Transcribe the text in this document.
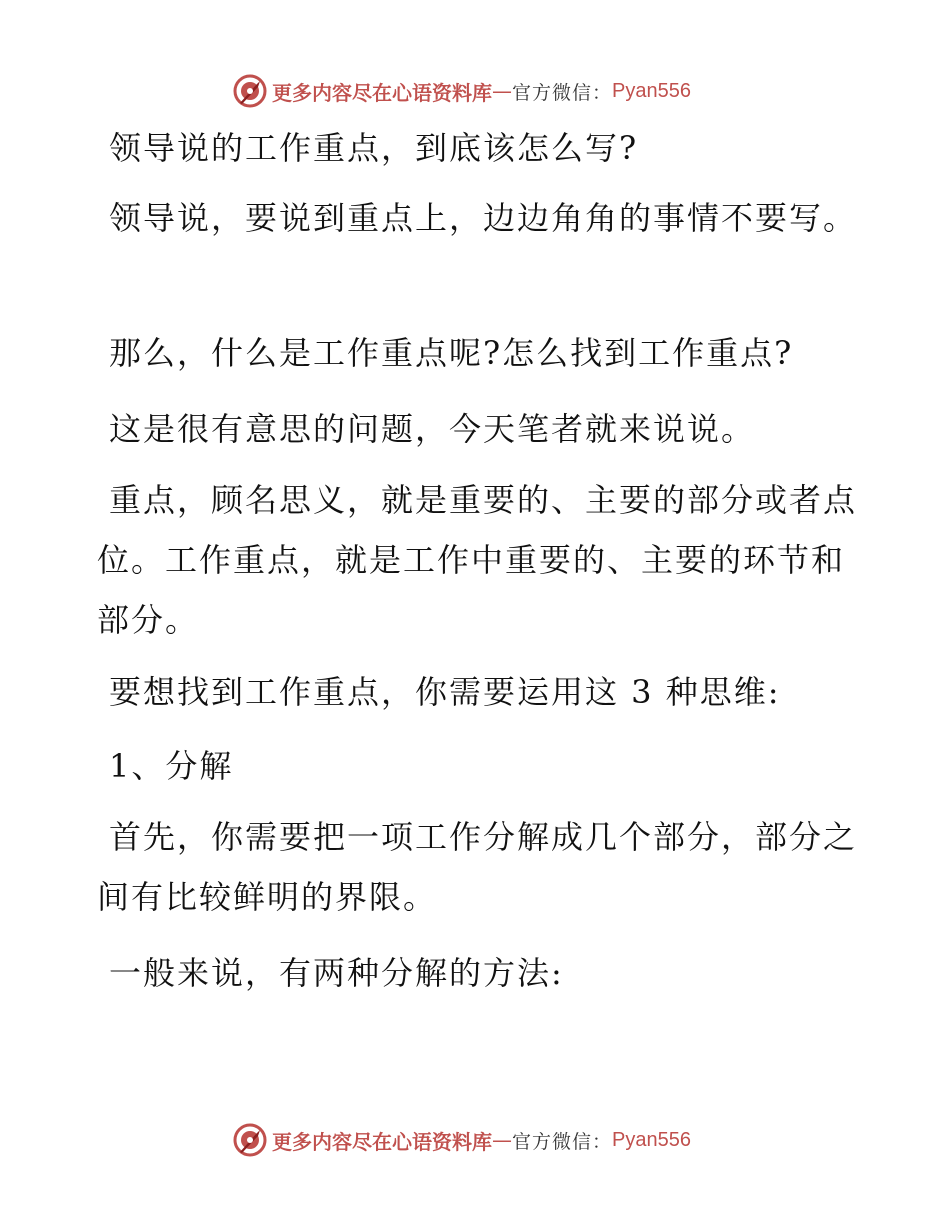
更多内容尽在心语资料库 — 官方微信： Pyan556

领导说的工作重点，到底该怎么写?

领导说，要说到重点上，边边角角的事情不要写。

那么，什么是工作重点呢?怎么找到工作重点?

这是很有意思的问题，今天笔者就来说说。

重点，顾名思义，就是重要的、主要的部分或者点位。工作重点，就是工作中重要的、主要的环节和部分。

要想找到工作重点，你需要运用这 3 种思维:

1、分解

首先，你需要把一项工作分解成几个部分，部分之间有比较鲜明的界限。

一般来说，有两种分解的方法:

更多内容尽在心语资料库 — 官方微信： Pyan556
